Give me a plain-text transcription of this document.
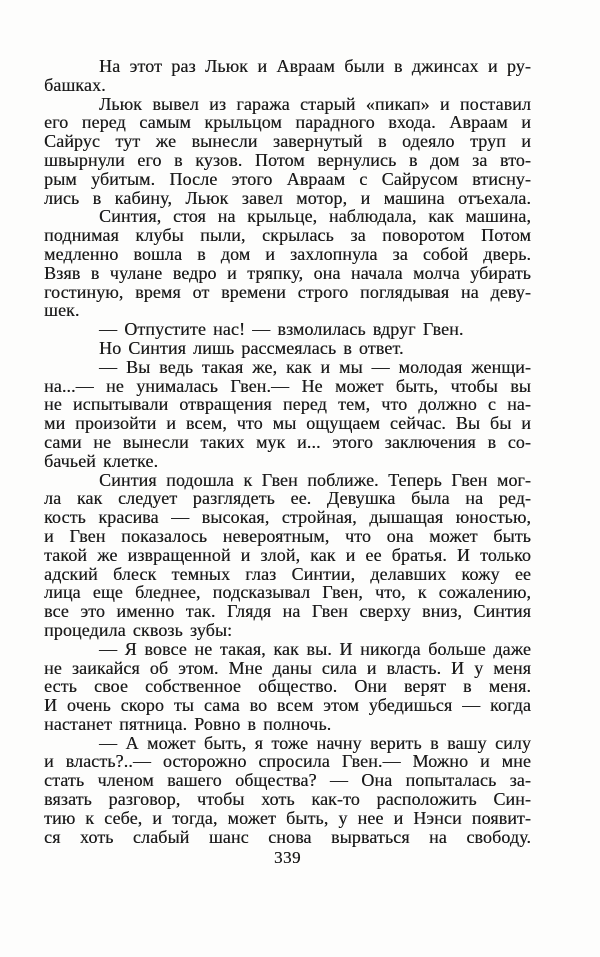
На этот раз Льюк и Авраам были в джинсах и ру-
башках.

Льюк вывел из гаража старый «пикап» и поставил
его перед самым крыльцом парадного входа. Авраам и
Сайрус тут же вынесли завернутый в одеяло труп и
швырнули его в кузов. Потом вернулись в дом за вто-
рым убитым. После этого Авраам с Сайрусом втисну-
лись в кабину, Льюк завел мотор, и машина отъехала.

Синтия, стоя на крыльце, наблюдала, как машина,
поднимая клубы пыли, скрылась за поворотом Потом
медленно вошла в дом и захлопнула за собой дверь.
Взяв в чулане ведро и тряпку, она начала молча убирать
гостиную, время от времени строго поглядывая на деву-
шек.

— Отпустите нас! — взмолилась вдруг Гвен.

Но Синтия лишь рассмеялась в ответ.

— Вы ведь такая же, как и мы — молодая женщи-
на...— не унималась Гвен.— Не может быть, чтобы вы
не испытывали отвращения перед тем, что должно с на-
ми произойти и всем, что мы ощущаем сейчас. Вы бы и
сами не вынесли таких мук и... этого заключения в со-
бачьей клетке.

Синтия подошла к Гвен поближе. Теперь Гвен мог-
ла как следует разглядеть ее. Девушка была на ред-
кость красива — высокая, стройная, дышащая юностью,
и Гвен показалось невероятным, что она может быть
такой же извращенной и злой, как и ее братья. И только
адский блеск темных глаз Синтии, делавших кожу ее
лица еще бледнее, подсказывал Гвен, что, к сожалению,
все это именно так. Глядя на Гвен сверху вниз, Синтия
процедила сквозь зубы:

— Я вовсе не такая, как вы. И никогда больше даже
не заикайся об этом. Мне даны сила и власть. И у меня
есть свое собственное общество. Они верят в меня.
И очень скоро ты сама во всем этом убедишься — когда
настанет пятница. Ровно в полночь.

— А может быть, я тоже начну верить в вашу силу
и власть?..— осторожно спросила Гвен.— Можно и мне
стать членом вашего общества? — Она попыталась за-
вязать разговор, чтобы хоть как-то расположить Син-
тию к себе, и тогда, может быть, у нее и Нэнси появит-
ся хоть слабый шанс снова вырваться на свободу.

339
